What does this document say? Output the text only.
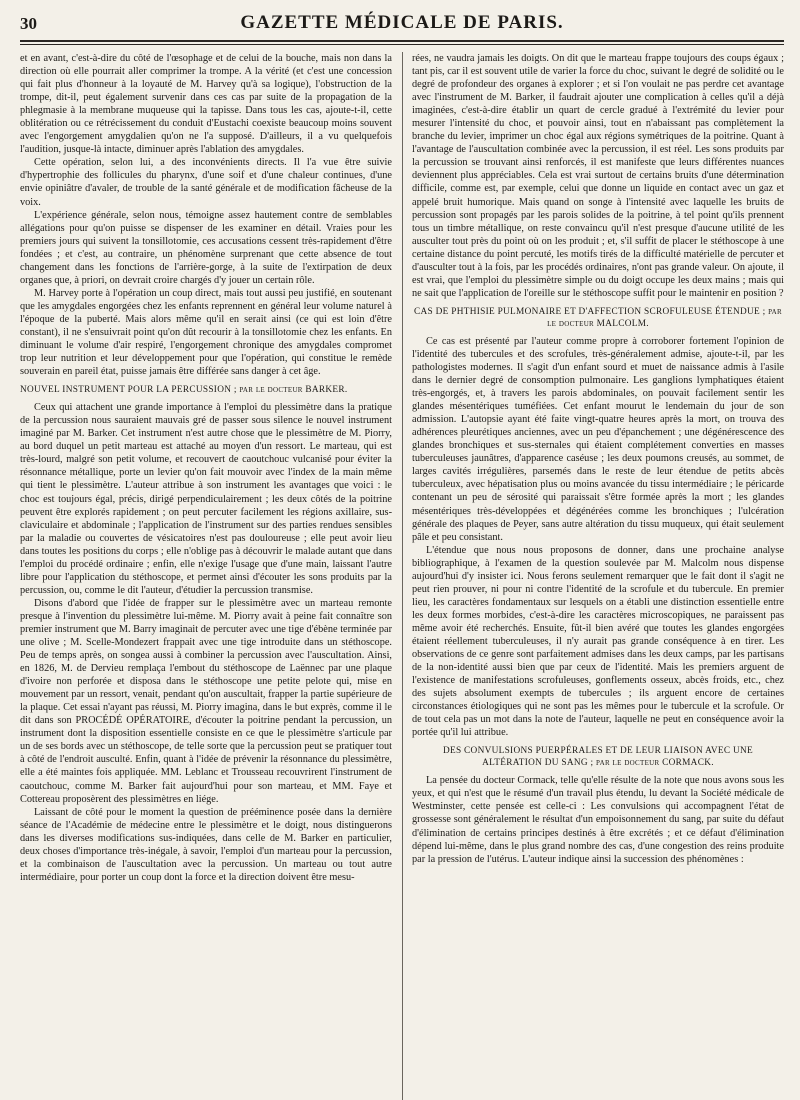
30	GAZETTE MÉDICALE DE PARIS.

et en avant, c'est-à-dire du côté de l'œsophage et de celui de la bouche, mais non dans la direction où elle pourrait aller comprimer la trompe. A la vérité (et c'est une concession qui fait plus d'honneur à la loyauté de M. Harvey qu'à sa logique), l'obstruction de la trompe, dit-il, peut également survenir dans ces cas par suite de la propagation de la phlegmasie à la membrane muqueuse qui la tapisse. Dans tous les cas, ajoute-t-il, cette oblitération ou ce rétrécissement du conduit d'Eustachi coexiste beaucoup moins souvent avec l'engorgement amygdalien qu'on ne l'a supposé. D'ailleurs, il a vu quelquefois l'audition, jusque-là intacte, diminuer après l'ablation des amygdales.

Cette opération, selon lui, a des inconvénients directs. Il l'a vue être suivie d'hypertrophie des follicules du pharynx, d'une soif et d'une chaleur continues, d'une envie opiniâtre d'avaler, de trouble de la santé générale et de modification fâcheuse de la voix.

L'expérience générale, selon nous, témoigne assez hautement contre de semblables allégations pour qu'on puisse se dispenser de les examiner en détail. Vraies pour les premiers jours qui suivent la tonsillotomie, ces accusations cessent très-rapidement d'être fondées ; et c'est, au contraire, un phénomène surprenant que cette absence de tout changement dans les fonctions de l'arrière-gorge, à la suite de l'extirpation de deux organes que, à priori, on devrait croire chargés d'y jouer un certain rôle.

M. Harvey porte à l'opération un coup direct, mais tout aussi peu justifié, en soutenant que les amygdales engorgées chez les enfants reprennent en général leur volume naturel à l'époque de la puberté. Mais alors même qu'il en serait ainsi (ce qui est loin d'être constant), il ne s'ensuivrait point qu'on dût recourir à la tonsillotomie chez les enfants. En diminuant le volume d'air respiré, l'engorgement chronique des amygdales compromet trop leur nutrition et leur développement pour que l'opération, qui constitue le remède souverain en pareil état, puisse jamais être différée sans danger à cet âge.

NOUVEL INSTRUMENT POUR LA PERCUSSION ; par le docteur BARKER.

Ceux qui attachent une grande importance à l'emploi du plessimètre dans la pratique de la percussion nous sauraient mauvais gré de passer sous silence le nouvel instrument imaginé par M. Barker. Cet instrument n'est autre chose que le plessimètre de M. Piorry, au bord duquel un petit marteau est attaché au moyen d'un ressort. Le marteau, qui est très-lourd, malgré son petit volume, et recouvert de caoutchouc vulcanisé pour éviter la résonnance métallique, porte un levier qu'on fait mouvoir avec l'index de la main même qui tient le plessimètre. L'auteur attribue à son instrument les avantages que voici : le choc est toujours égal, précis, dirigé perpendiculairement ; les deux côtés de la poitrine peuvent être explorés rapidement ; on peut percuter facilement les régions axillaire, sus-claviculaire et abdominale ; l'application de l'instrument sur des parties rendues sensibles par la maladie ou couvertes de vésicatoires n'est pas douloureuse ; elle peut avoir lieu dans toutes les positions du corps ; elle n'oblige pas à découvrir le malade autant que dans l'emploi du procédé ordinaire ; enfin, elle n'exige l'usage que d'une main, laissant l'autre libre pour l'application du stéthoscope, et permet ainsi d'écouter les sons produits par la percussion, ou, comme le dit l'auteur, d'étudier la percussion transmise.

Disons d'abord que l'idée de frapper sur le plessimètre avec un marteau remonte presque à l'invention du plessimètre lui-même. M. Piorry avait à peine fait connaître son premier instrument que M. Barry imaginait de percuter avec une tige d'ébène terminée par une olive ; M. Scelle-Mondezert frappait avec une tige introduite dans un stéthoscope. Peu de temps après, on songea aussi à combiner la percussion avec l'auscultation. Ainsi, en 1826, M. de Dervieu remplaça l'embout du stéthoscope de Laënnec par une plaque d'ivoire non perforée et disposa dans le stéthoscope une petite pelote qui, mise en mouvement par un ressort, venait, pendant qu'on auscultait, frapper la partie supérieure de la plaque. Cet essai n'ayant pas réussi, M. Piorry imagina, dans le but exprès, comme il le dit dans son PROCÉDÉ OPÉRATOIRE, d'écouter la poitrine pendant la percussion, un instrument dont la disposition essentielle consiste en ce que le plessimètre s'articule par un de ses bords avec un stéthoscope, de telle sorte que la percussion peut se pratiquer tout à côté de l'endroit ausculté. Enfin, quant à l'idée de prévenir la résonnance du plessimètre, elle a été maintes fois appliquée. MM. Leblanc et Trousseau recouvrirent l'instrument de caoutchouc, comme M. Barker fait aujourd'hui pour son marteau, et MM. Faye et Cottereau proposèrent des plessimètres en liége.

Laissant de côté pour le moment la question de prééminence posée dans la dernière séance de l'Académie de médecine entre le plessimètre et le doigt, nous distinguerons dans les diverses modifications sus-indiquées, dans celle de M. Barker en particulier, deux choses d'importance très-inégale, à savoir, l'emploi d'un marteau pour la percussion, et la combinaison de l'auscultation avec la percussion. Un marteau ou tout autre intermédiaire, pour porter un coup dont la force et la direction doivent être mesu-

rées, ne vaudra jamais les doigts. On dit que le marteau frappe toujours des coups égaux ; tant pis, car il est souvent utile de varier la force du choc, suivant le degré de solidité ou le degré de profondeur des organes à explorer ; et si l'on voulait ne pas perdre cet avantage avec l'instrument de M. Barker, il faudrait ajouter une complication à celles qu'il a déjà imaginées, c'est-à-dire établir un quart de cercle gradué à l'extrémité du levier pour mesurer l'intensité du choc, et pouvoir ainsi, tout en n'abaissant pas complètement la branche du levier, imprimer un choc égal aux régions symétriques de la poitrine. Quant à l'avantage de l'auscultation combinée avec la percussion, il est réel. Les sons produits par la percussion se trouvant ainsi renforcés, il est manifeste que leurs différentes nuances deviennent plus appréciables. Cela est vrai surtout de certains bruits d'une détermination difficile, comme est, par exemple, celui que donne un liquide en contact avec un gaz et appelé bruit humorique. Mais quand on songe à l'intensité avec laquelle les bruits de percussion sont propagés par les parois solides de la poitrine, à tel point qu'ils prennent tous un timbre métallique, on reste convaincu qu'il n'est presque d'aucune utilité de les ausculter tout près du point où on les produit ; et, s'il suffit de placer le stéthoscope à une certaine distance du point percuté, les motifs tirés de la difficulté matérielle de percuter et d'ausculter tout à la fois, par les procédés ordinaires, n'ont pas grande valeur. On ajoute, il est vrai, que l'emploi du plessimètre simple ou du doigt occupe les deux mains ; mais qui ne sait que l'application de l'oreille sur le stéthoscope suffit pour le maintenir en position ?

CAS DE PHTHISIE PULMONAIRE ET D'AFFECTION SCROFULEUSE ÉTENDUE ; par le docteur MALCOLM.

Ce cas est présenté par l'auteur comme propre à corroborer fortement l'opinion de l'identité des tubercules et des scrofules, très-généralement admise, ajoute-t-il, par les pathologistes modernes. Il s'agit d'un enfant sourd et muet de naissance admis à l'asile dans le dernier degré de consomption pulmonaire. Les ganglions lymphatiques étaient très-engorgés, et, à travers les parois abdominales, on pouvait facilement sentir les glandes mésentériques tuméfiées. Cet enfant mourut le lendemain du jour de son admission. L'autopsie ayant été faite vingt-quatre heures après la mort, on trouva des adhérences pleurétiques anciennes, avec un peu d'épanchement ; une dégénérescence des glandes bronchiques et sus-sternales qui étaient complétement converties en masses tuberculeuses jaunâtres, d'apparence caséuse ; les deux poumons creusés, au sommet, de larges cavités irrégulières, parsemés dans le reste de leur étendue de petits abcès tuberculeux, avec hépatisation plus ou moins avancée du tissu intermédiaire ; le péricarde contenant un peu de sérosité qui paraissait s'être formée après la mort ; les glandes mésentériques très-développées et dégénérées comme les bronchiques ; l'ulcération générale des plaques de Peyer, sans autre altération du tissu muqueux, qui était seulement pâle et peu consistant.

L'étendue que nous nous proposons de donner, dans une prochaine analyse bibliographique, à l'examen de la question soulevée par M. Malcolm nous dispense aujourd'hui d'y insister ici. Nous ferons seulement remarquer que le fait dont il s'agit ne peut rien prouver, ni pour ni contre l'identité de la scrofule et du tubercule. En premier lieu, les caractères fondamentaux sur lesquels on a établi une distinction essentielle entre les deux formes morbides, c'est-à-dire les caractères microscopiques, ne paraissent pas même avoir été recherchés. Ensuite, fût-il bien avéré que toutes les glandes engorgées étaient réellement tuberculeuses, il n'y aurait pas grande conséquence à en tirer. Les observations de ce genre sont parfaitement admises dans les deux camps, par les partisans de la non-identité aussi bien que par ceux de l'identité. Mais les premiers arguent de l'existence de manifestations scrofuleuses, gonflements osseux, abcès froids, etc., chez des sujets absolument exempts de tubercules ; ils arguent encore de certaines circonstances étiologiques qui ne sont pas les mêmes pour le tubercule et la scrofule. Or de tout cela pas un mot dans la note de l'auteur, laquelle ne peut en conséquence avoir la portée qu'il lui attribue.

DES CONVULSIONS PUERPÉRALES ET DE LEUR LIAISON AVEC UNE ALTÉRATION DU SANG ; par le docteur CORMACK.

La pensée du docteur Cormack, telle qu'elle résulte de la note que nous avons sous les yeux, et qui n'est que le résumé d'un travail plus étendu, lu devant la Société médicale de Westminster, cette pensée est celle-ci : Les convulsions qui accompagnent l'état de grossesse sont généralement le résultat d'un empoisonnement du sang, par suite du défaut d'élimination de certains principes destinés à être excrétés ; et ce défaut d'élimination dépend lui-même, dans le plus grand nombre des cas, d'une congestion des reins produite par la pression de l'utérus. L'auteur indique ainsi la succession des phénomènes :
